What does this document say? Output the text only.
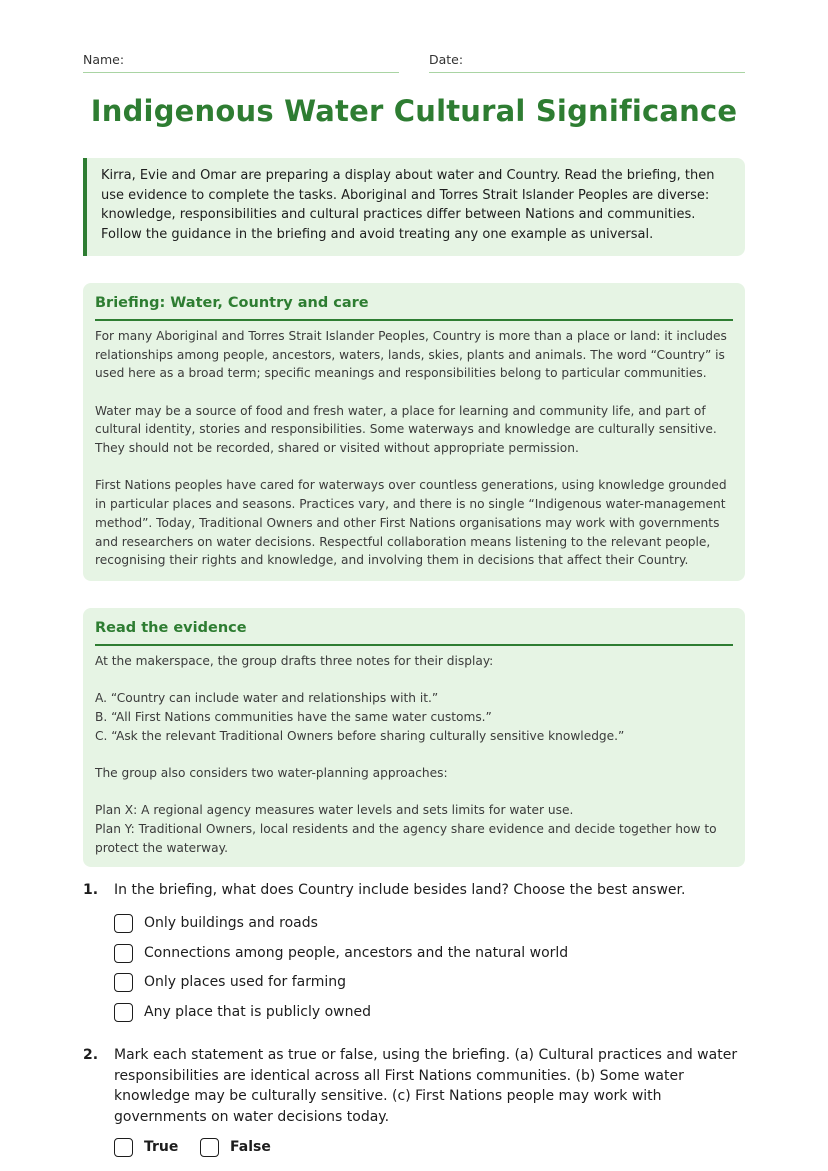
Name:	Date:
Indigenous Water Cultural Significance
Kirra, Evie and Omar are preparing a display about water and Country. Read the briefing, then use evidence to complete the tasks. Aboriginal and Torres Strait Islander Peoples are diverse: knowledge, responsibilities and cultural practices differ between Nations and communities. Follow the guidance in the briefing and avoid treating any one example as universal.
Briefing: Water, Country and care

For many Aboriginal and Torres Strait Islander Peoples, Country is more than a place or land: it includes relationships among people, ancestors, waters, lands, skies, plants and animals. The word “Country” is used here as a broad term; specific meanings and responsibilities belong to particular communities.

Water may be a source of food and fresh water, a place for learning and community life, and part of cultural identity, stories and responsibilities. Some waterways and knowledge are culturally sensitive. They should not be recorded, shared or visited without appropriate permission.

First Nations peoples have cared for waterways over countless generations, using knowledge grounded in particular places and seasons. Practices vary, and there is no single “Indigenous water-management method”. Today, Traditional Owners and other First Nations organisations may work with governments and researchers on water decisions. Respectful collaboration means listening to the relevant people, recognising their rights and knowledge, and involving them in decisions that affect their Country.

Read the evidence

At the makerspace, the group drafts three notes for their display:

A. “Country can include water and relationships with it.”
B. “All First Nations communities have the same water customs.”
C. “Ask the relevant Traditional Owners before sharing culturally sensitive knowledge.”

The group also considers two water-planning approaches:

Plan X: A regional agency measures water levels and sets limits for water use.
Plan Y: Traditional Owners, local residents and the agency share evidence and decide together how to protect the waterway.

1. In the briefing, what does Country include besides land? Choose the best answer.
Only buildings and roads
Connections among people, ancestors and the natural world
Only places used for farming
Any place that is publicly owned
2. Mark each statement as true or false, using the briefing. (a) Cultural practices and water responsibilities are identical across all First Nations communities. (b) Some water knowledge may be culturally sensitive. (c) First Nations people may work with governments on water decisions today.
True	False
